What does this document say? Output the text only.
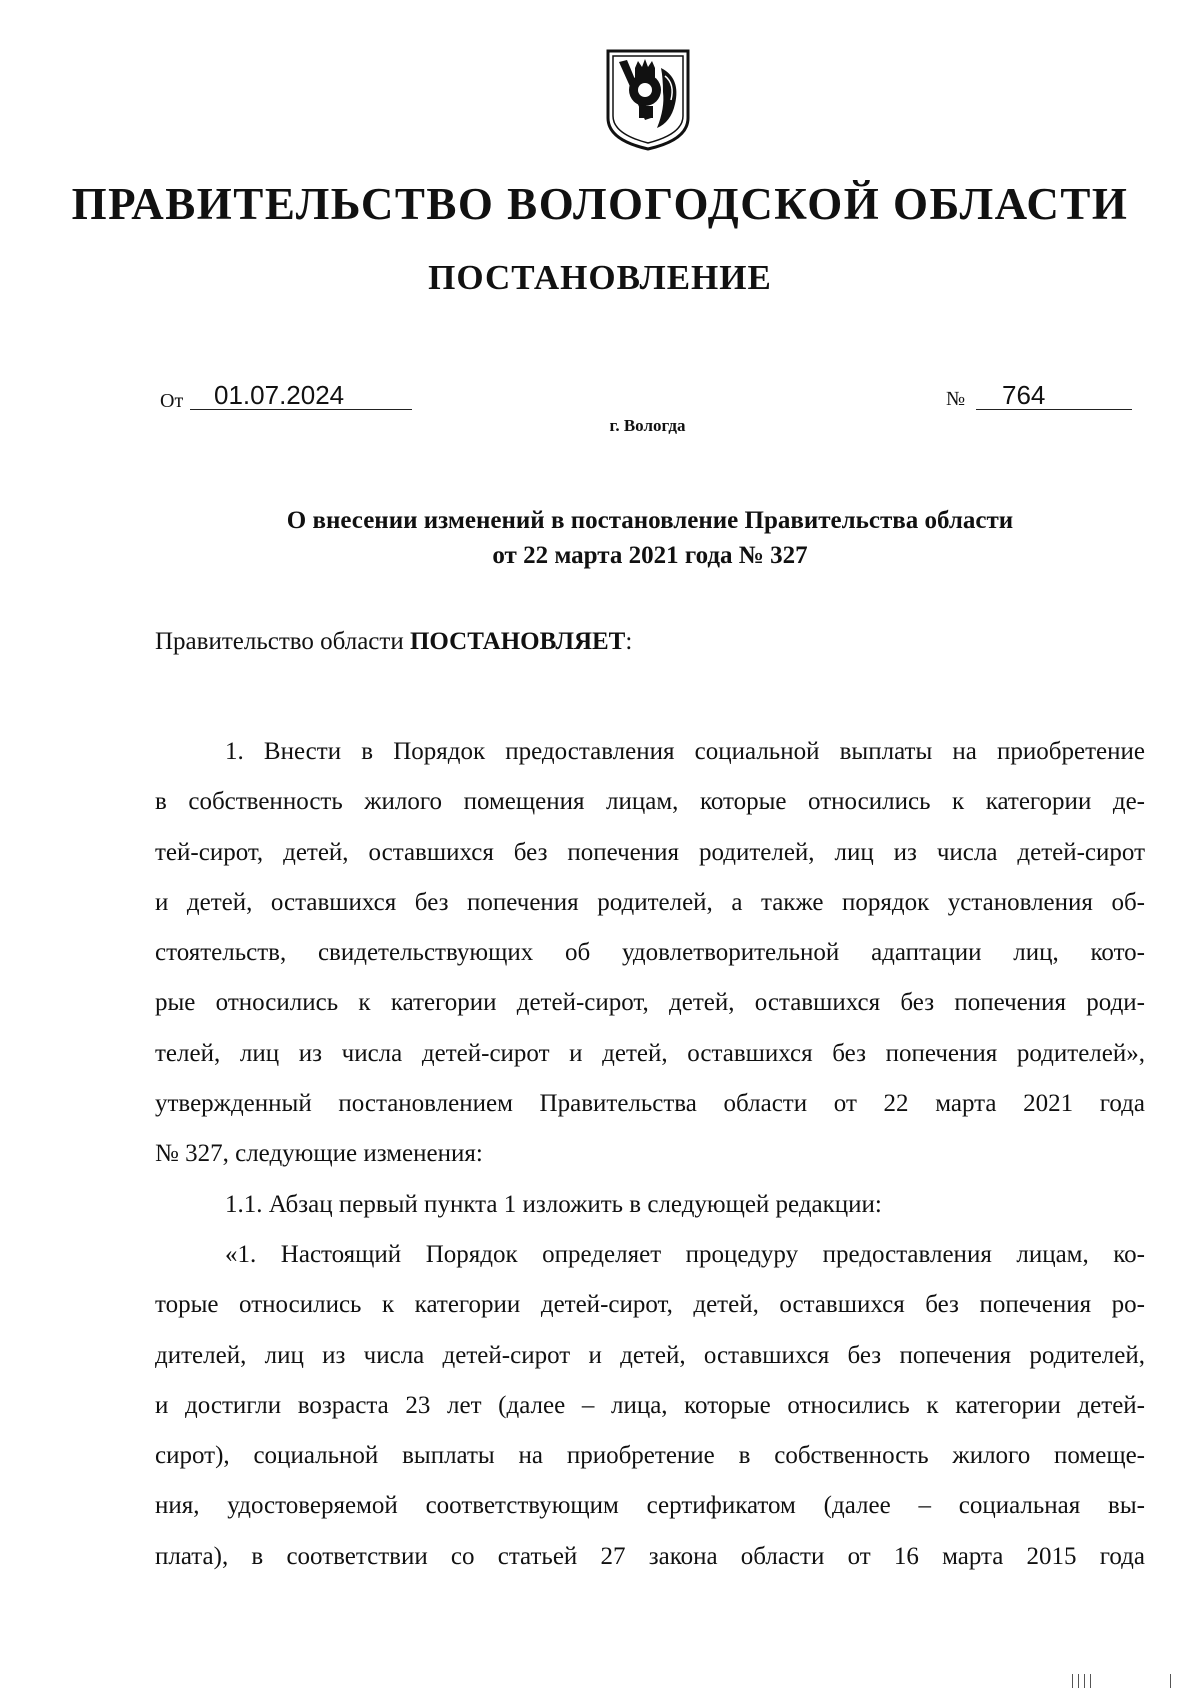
ПРАВИТЕЛЬСТВО ВОЛОГОДСКОЙ ОБЛАСТИ
ПОСТАНОВЛЕНИЕ
От	01.07.2024	№	764
г. Вологда
О внесении изменений в постановление Правительства области
от 22 марта 2021 года № 327
Правительство области ПОСТАНОВЛЯЕТ:
1. Внести в Порядок предоставления социальной выплаты на приобретение
в собственность жилого помещения лицам, которые относились к категории де-
тей-сирот, детей, оставшихся без попечения родителей, лиц из числа детей-сирот
и детей, оставшихся без попечения родителей, а также порядок установления об-
стоятельств, свидетельствующих об удовлетворительной адаптации лиц, кото-
рые относились к категории детей-сирот, детей, оставшихся без попечения роди-
телей, лиц из числа детей-сирот и детей, оставшихся без попечения родителей»,
утвержденный постановлением Правительства области от 22 марта 2021 года
№ 327, следующие изменения:
1.1. Абзац первый пункта 1 изложить в следующей редакции:
«1. Настоящий Порядок определяет процедуру предоставления лицам, ко-
торые относились к категории детей-сирот, детей, оставшихся без попечения ро-
дителей, лиц из числа детей-сирот и детей, оставшихся без попечения родителей,
и достигли возраста 23 лет (далее – лица, которые относились к категории детей-
сирот), социальной выплаты на приобретение в собственность жилого помеще-
ния, удостоверяемой соответствующим сертификатом (далее – социальная вы-
плата), в соответствии со статьей 27 закона области от 16 марта 2015 года
